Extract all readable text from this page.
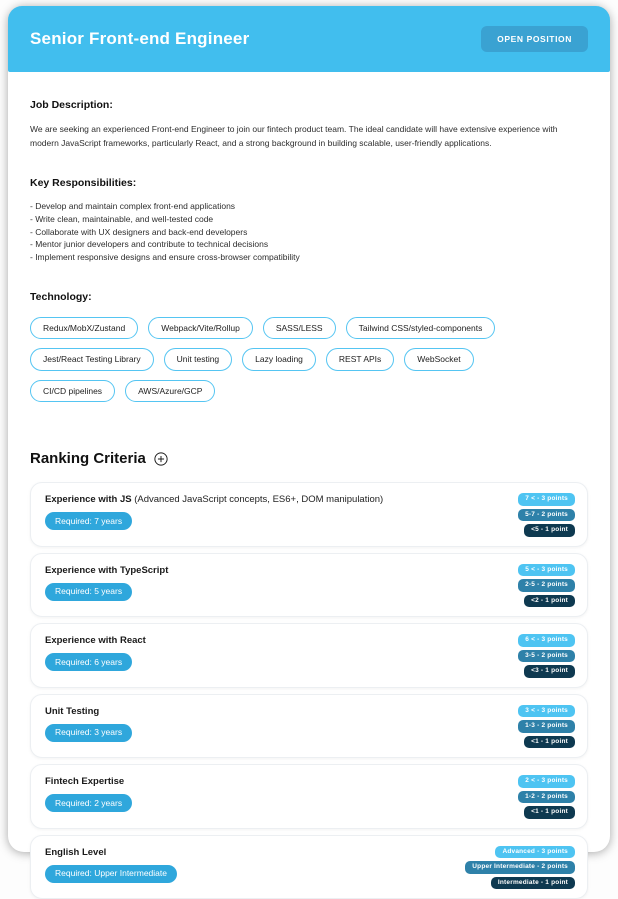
Senior Front-end Engineer	OPEN POSITION
Job Description:

We are seeking an experienced Front-end Engineer to join our fintech product team. The ideal candidate will have extensive experience with modern JavaScript frameworks, particularly React, and a strong background in building scalable, user-friendly applications.

Key Responsibilities:
- Develop and maintain complex front-end applications
- Write clean, maintainable, and well-tested code
- Collaborate with UX designers and back-end developers
- Mentor junior developers and contribute to technical decisions
- Implement responsive designs and ensure cross-browser compatibility
Technology:
Redux/MobX/Zustand	Webpack/Vite/Rollup	SASS/LESS	Tailwind CSS/styled-components
Jest/React Testing Library	Unit testing	Lazy loading	REST APIs	WebSocket
CI/CD pipelines	AWS/Azure/GCP
Ranking Criteria
Experience with JS (Advanced JavaScript concepts, ES6+, DOM manipulation)
Required: 7 years
7 < - 3 points
5-7 - 2 points
<5 - 1 point
Experience with TypeScript
Required: 5 years
5 < - 3 points
2-5 - 2 points
<2 - 1 point
Experience with React
Required: 6 years
6 < - 3 points
3-5 - 2 points
<3 - 1 point
Unit Testing
Required: 3 years
3 < - 3 points
1-3 - 2 points
<1 - 1 point
Fintech Expertise
Required: 2 years
2 < - 3 points
1-2 - 2 points
<1 - 1 point
English Level
Required: Upper Intermediate
Advanced - 3 points
Upper Intermediate - 2 points
Intermediate - 1 point
